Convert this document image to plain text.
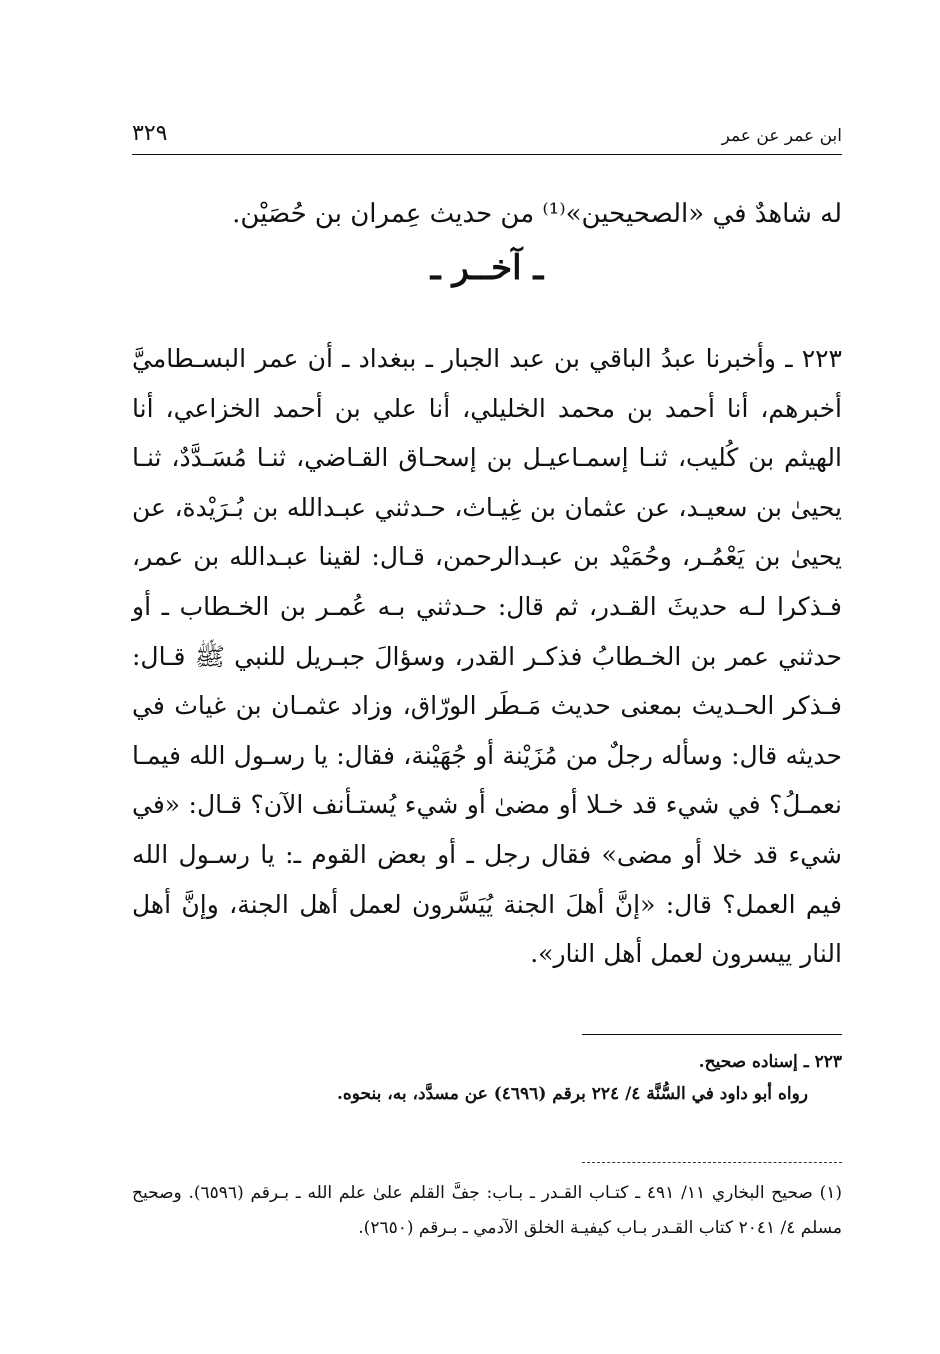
٣٢٩	ابن عمر عن عمر
له شاهدٌ في «الصحيحين»⁽¹⁾ من حديث عِمران بن حُصَيْن.
ـ آخــر ـ
٢٢٣ ـ وأخبرنا عبدُ الباقي بن عبد الجبار ـ ببغداد ـ أن عمر البسـطاميَّ أخبرهم، أنا أحمد بن محمد الخليلي، أنا علي بن أحمد الخزاعي، أنا الهيثم بن كُليب، ثنـا إسمـاعيـل بن إسحـاق القـاضي، ثنـا مُسَـدَّدٌ، ثنـا يحيىٰ بن سعيـد، عن عثمان بن غِيـاث، حـدثني عبـدالله بن بُـرَيْدة، عن يحيىٰ بن يَعْمُـر، وحُمَيْد بن عبـدالرحمن، قـال: لقينا عبـدالله بن عمر، فـذكرا لـه حديثَ القـدر، ثم قال: حـدثني بـه عُمـر بن الخـطاب ـ أو حدثني عمر بن الخـطابُ فذكـر القدر، وسؤالَ جبـريل للنبي ﷺ قـال: فـذكر الحـديث بمعنى حديث مَـطَر الورّاق، وزاد عثمـان بن غياث في حديثه قال: وسأله رجلٌ من مُزَيْنة أو جُهَيْنة، فقال: يا رسـول الله فيمـا نعمـلُ؟ في شيء قد خـلا أو مضىٰ أو شيء يُستـأنف الآن؟ قـال: «في شيء قد خلا أو مضى» فقال رجل ـ أو بعض القوم ـ: يا رسـول الله فيم العمل؟ قال: «إنَّ أهلَ الجنة يُيَسَّرون لعمل أهل الجنة، وإنَّ أهل النار ييسرون لعمل أهل النار».

٢٢٣ ـ إسناده صحيح.

رواه أبو داود في السُّنَّة ٤/ ٢٢٤ برقم (٤٦٩٦) عن مسدَّد، به، بنحوه.

(١) صحيح البخاري ١١/ ٤٩١ ـ كتـاب القـدر ـ بـاب: جفَّ القلم علىٰ علم الله ـ بـرقم (٦٥٩٦). وصحيح مسلم ٤/ ٢٠٤١ كتاب القـدر بـاب كيفيـة الخلق الآدمي ـ بـرقم (٢٦٥٠).
